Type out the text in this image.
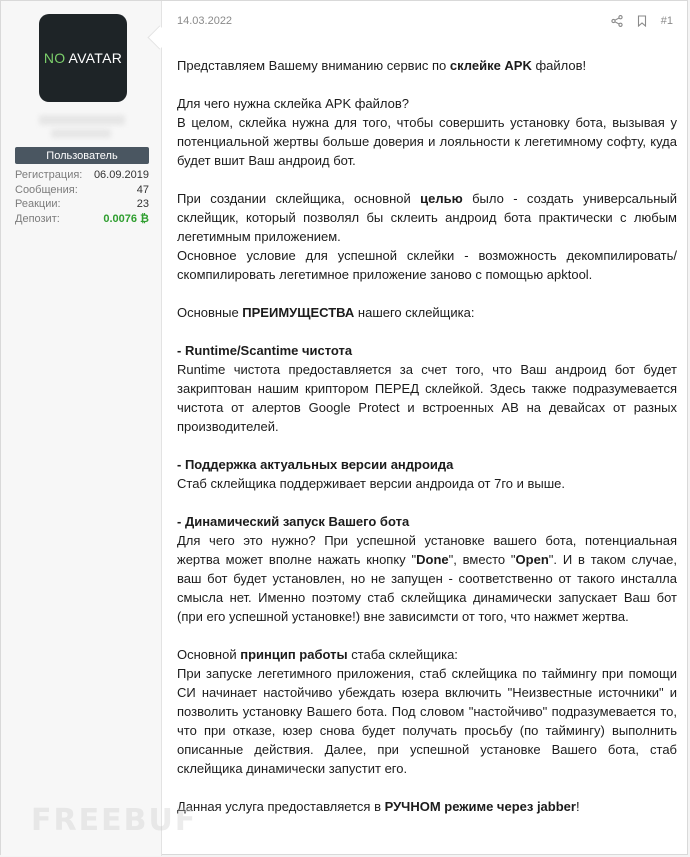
NO AVATAR
Пользователь
Регистрация: 06.09.2019
Сообщения:	47
Реакции:	23
Депозит:	0.0076 ₿
14.03.2022	#1

Представляем Вашему вниманию сервис по склейке APK файлов!

Для чего нужна склейка APK файлов?

В целом, склейка нужна для того, чтобы совершить установку бота, вызывая у потенциальной жертвы больше доверия и лояльности к легетимному софту, куда будет вшит Ваш андроид бот.

При создании склейщика, основной целью было - создать универсальный склейщик, который позволял бы склеить андроид бота практически с любым легетимным приложением.

Основное условие для успешной склейки - возможность декомпилировать/скомпилировать легетимное приложение заново с помощью apktool.

Основные ПРЕИМУЩЕСТВА нашего склейщика:

- Runtime/Scantime чистота

Runtime чистота предоставляется за счет того, что Ваш андроид бот будет закриптован нашим криптором ПЕРЕД склейкой. Здесь также подразумевается чистота от алертов Google Protect и встроенных АВ на девайсах от разных производителей.

- Поддержка актуальных версии андроида

Стаб склейщика поддерживает версии андроида от 7го и выше.

- Динамический запуск Вашего бота

Для чего это нужно? При успешной установке вашего бота, потенциальная жертва может вполне нажать кнопку "Done", вместо "Open". И в таком случае, ваш бот будет установлен, но не запущен - соответственно от такого инсталла смысла нет. Именно поэтому стаб склейщика динамически запускает Ваш бот (при его успешной установке!) вне зависимсти от того, что нажмет жертва.

Основной принцип работы стаба склейщика:

При запуске легетимного приложения, стаб склейщика по таймингу при помощи СИ начинает настойчиво убеждать юзера включить "Неизвестные источники" и позволить установку Вашего бота. Под словом "настойчиво" подразумевается то, что при отказе, юзер снова будет получать просьбу (по таймингу) выполнить описанные действия. Далее, при успешной установке Вашего бота, стаб склейщика динамически запустит его.

Данная услуга предоставляется в РУЧНОМ режиме через jabber!

FREEBUF
